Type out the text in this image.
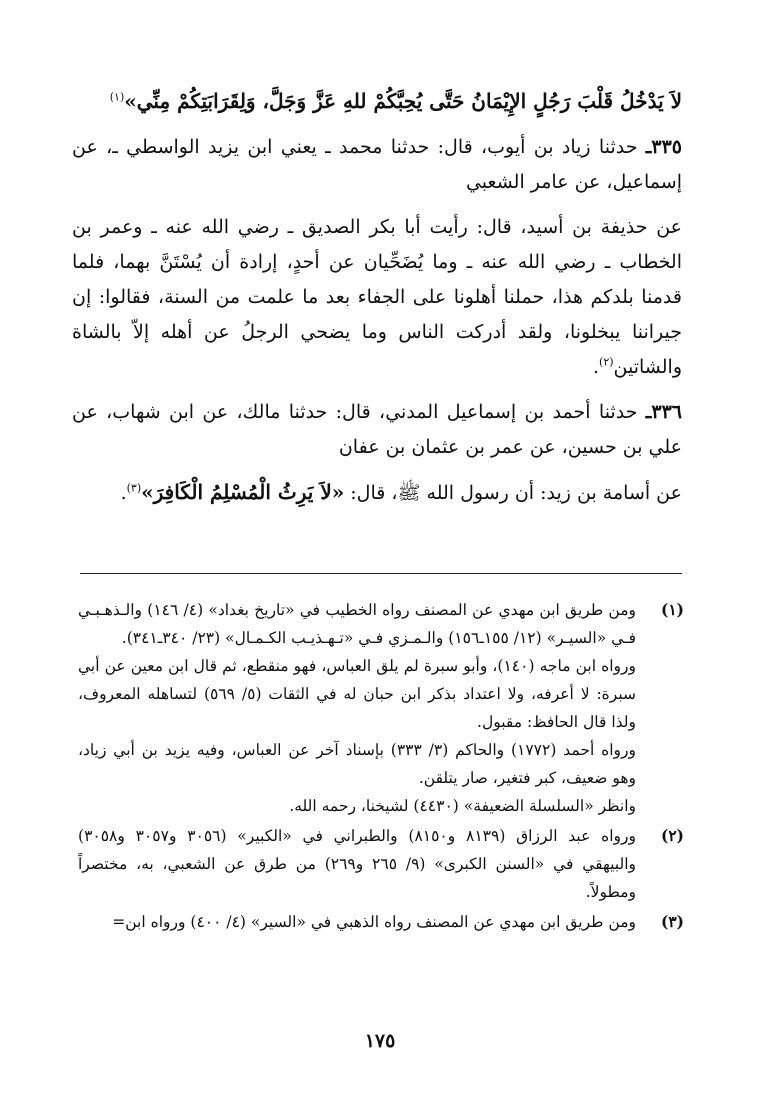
لاَ يَدْخُلُ قَلْبَ رَجُلٍ الإِيْمَانُ حَتَّى يُحِبَّكُمْ للهِ عَزَّ وَجَلَّ، وَلِقَرَابَتِكُمْ مِنِّي»$^{(١)}$

٣٣٥ـ حدثنا زياد بن أيوب، قال: حدثنا محمد ـ يعني ابن يزيد الواسطي ـ، عن إسماعيل، عن عامر الشعبي

عن حذيفة بن أسيد، قال: رأيت أبا بكر الصديق ـ رضي الله عنه ـ وعمر بن الخطاب ـ رضي الله عنه ـ وما يُضَحِّيان عن أحدٍ، إرادة أن يُسْتَنَّ بهما، فلما قدمنا بلدكم هذا، حملنا أهلونا على الجفاء بعد ما علمت من السنة، فقالوا: إن جيراننا يبخلونا، ولقد أدركت الناس وما يضحي الرجلُ عن أهله إلاّ بالشاة والشاتين$^{(٢)}$.

٣٣٦ـ حدثنا أحمد بن إسماعيل المدني، قال: حدثنا مالك، عن ابن شهاب، عن علي بن حسين، عن عمر بن عثمان بن عفان

عن أسامة بن زيد: أن رسول الله ﷺ، قال: «لاَ يَرِثُ الْمُسْلِمُ الْكَافِرَ»$^{(٣)}$.

(١)

ومن طريق ابن مهدي عن المصنف رواه الخطيب في «تاريخ بغداد» (٤/ ١٤٦) والـذهـبـي فـي «السيـر» (١٢/ ١٥٥ـ١٥٦) والـمـزي فـي «تـهـذيـب الكـمـال» (٢٣/ ٣٤٠ـ٣٤١).

ورواه ابن ماجه (١٤٠)، وأبو سبرة لم يلق العباس، فهو منقطع، ثم قال ابن معين عن أبي سبرة: لا أعرفه، ولا اعتداد بذكر ابن حبان له في الثقات (٥/ ٥٦٩) لتساهله المعروف، ولذا قال الحافظ: مقبول.

ورواه أحمد (١٧٧٢) والحاكم (٣/ ٣٣٣) بإسناد آخر عن العباس، وفيه يزيد بن أبي زياد، وهو ضعيف، كبر فتغير، صار يتلقن.

وانظر «السلسلة الضعيفة» (٤٤٣٠) لشيخنا، رحمه الله.

(٢)

ورواه عبد الرزاق (٨١٣٩ و٨١٥٠) والطبراني في «الكبير» (٣٠٥٦ و٣٠٥٧ و٣٠٥٨) والبيهقي في «السنن الكبرى» (٩/ ٢٦٥ و٢٦٩) من طرق عن الشعبي، به، مختصراً ومطولاً.

(٣)

ومن طريق ابن مهدي عن المصنف رواه الذهبي في «السير» (٤/ ٤٠٠) ورواه ابن=

١٧٥
